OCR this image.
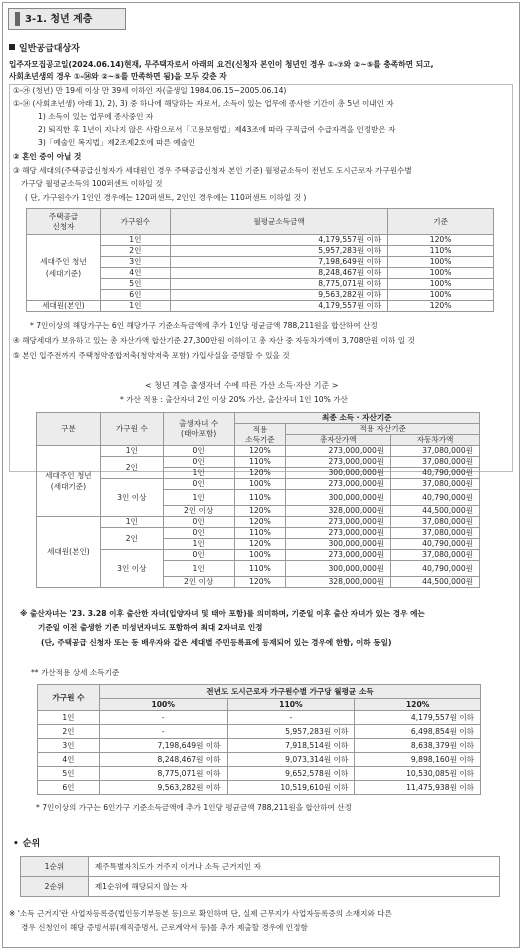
3-1. 청년 계층
일반공급대상자
입주자모집공고일(2024.06.14)현재, 무주택자로서 아래의 요건(신청자 본인이 청년인 경우 ①-⑦와 ②~⑤를 충족하면 되고,
사회초년생의 경우 ①-⑭와 ②~⑤를 만족하면 됨)을 모두 갖춘 자
①-㉮ (청년) 만 19세 이상 만 39세 이하인 자(출생일 1984.06.15~2005.06.14)
①-⑭ (사회초년생) 아래 1), 2), 3) 중 하나에 해당하는 자로서, 소득이 있는 업무에 종사한 기간이 총 5년 이내인 자
1) 소득이 있는 업무에 종사중인 자
2) 퇴직한 후 1년이 지나지 않은 사람으로서「고용보험법」제43조에 따라 구직급여 수급자격을 인정받은 자
3)「예술인 복지법」제2조제2호에 따른 예술인
② 혼인 중이 아닐 것
③ 해당 세대의(주택공급신청자가 세대원인 경우 주택공급신청자 본인 기준) 월평균소득이 전년도 도시근로자 가구원수별
가구당 월평균소득의 100퍼센트 이하일 것
( 단, 가구원수가 1인인 경우에는 120퍼센트, 2인인 경우에는 110퍼센트 이하일 것 )
주택공급
신청자	가구원수	월평균소득금액	기준
세대주인 청년
(세대기준)	1인	4,179,557원 이하	120%
	2인	5,957,283원 이하	110%
	3인	7,198,649원 이하	100%
	4인	8,248,467원 이하	100%
	5인	8,775,071원 이하	100%
	6인	9,563,282원 이하	100%
세대원(본인)	1인	4,179,557원 이하	120%
* 7인이상의 해당가구는 6인 해당가구 기준소득금액에 추가 1인당 평균금액 788,211원을 합산하여 산정
④ 해당세대가 보유하고 있는 총 자산가액 합산기준 27,300만원 이하이고 총 자산 중 자동차가액이 3,708만원 이하 일 것
⑤ 본인 입주전까지 주택청약종합저축(청약저축 포함) 가입사실을 증명할 수 있을 것
< 청년 계층 출생자녀 수에 따른 가산 소득·자산 기준 >
* 가산 적용 : 출산자녀 2인 이상 20% 가산, 출산자녀 1인 10% 가산
구분	가구원 수	출생자녀 수
(태아포함)	최종 소득 · 자산기준		
			적용
소득기준	적용 자산기준	
				총자산가액	자동차가액
세대주인 청년
(세대기준)	1인	0인	120%	273,000,000원	37,080,000원
	2인	0인	110%	273,000,000원	37,080,000원
		1인	120%	300,000,000원	40,790,000원
	3인 이상	0인	100%	273,000,000원	37,080,000원
		1인	110%	300,000,000원	40,790,000원
		2인 이상	120%	328,000,000원	44,500,000원
세대원(본인)	1인	0인	120%	273,000,000원	37,080,000원
	2인	0인	110%	273,000,000원	37,080,000원
		1인	120%	300,000,000원	40,790,000원
	3인 이상	0인	100%	273,000,000원	37,080,000원
		1인	110%	300,000,000원	40,790,000원
		2인 이상	120%	328,000,000원	44,500,000원
※ 출산자녀는 '23. 3.28 이후 출산한 자녀(입양자녀 및 태아 포함)를 의미하며, 기준일 이후 출산 자녀가 있는 경우 에는
기준일 이전 출생한 기존 미성년자녀도 포함하여 최대 2자녀로 인정
(단, 주택공급 신청자 또는 동 배우자와 같은 세대별 주민등록표에 등재되어 있는 경우에 한함, 이하 동일)
** 가산적용 상세 소득기준
가구원 수	전년도 도시근로자 가구원수별 가구당 월평균 소득		
	100%	110%	120%
1인	-	-	4,179,557원 이하
2인	-	5,957,283원 이하	6,498,854원 이하
3인	7,198,649원 이하	7,918,514원 이하	8,638,379원 이하
4인	8,248,467원 이하	9,073,314원 이하	9,898,160원 이하
5인	8,775,071원 이하	9,652,578원 이하	10,530,085원 이하
6인	9,563,282원 이하	10,519,610원 이하	11,475,938원 이하
* 7인이상의 가구는 6인가구 기준소득금액에 추가 1인당 평균금액 788,211원을 합산하여 산정
• 순위
1순위	제주특별자치도가 거주지 이거나 소득 근거지인 자
2순위	제1순위에 해당되지 않는 자
※ '소득 근거지'란 사업자등록증(법인등기부등본 등)으로 확인하며 단, 실제 근무지가 사업자등록증의 소재지와 다른
경우 신청인이 해당 증빙서류(재직증명서, 근로계약서 등)를 추가 제출할 경우에 인정함
